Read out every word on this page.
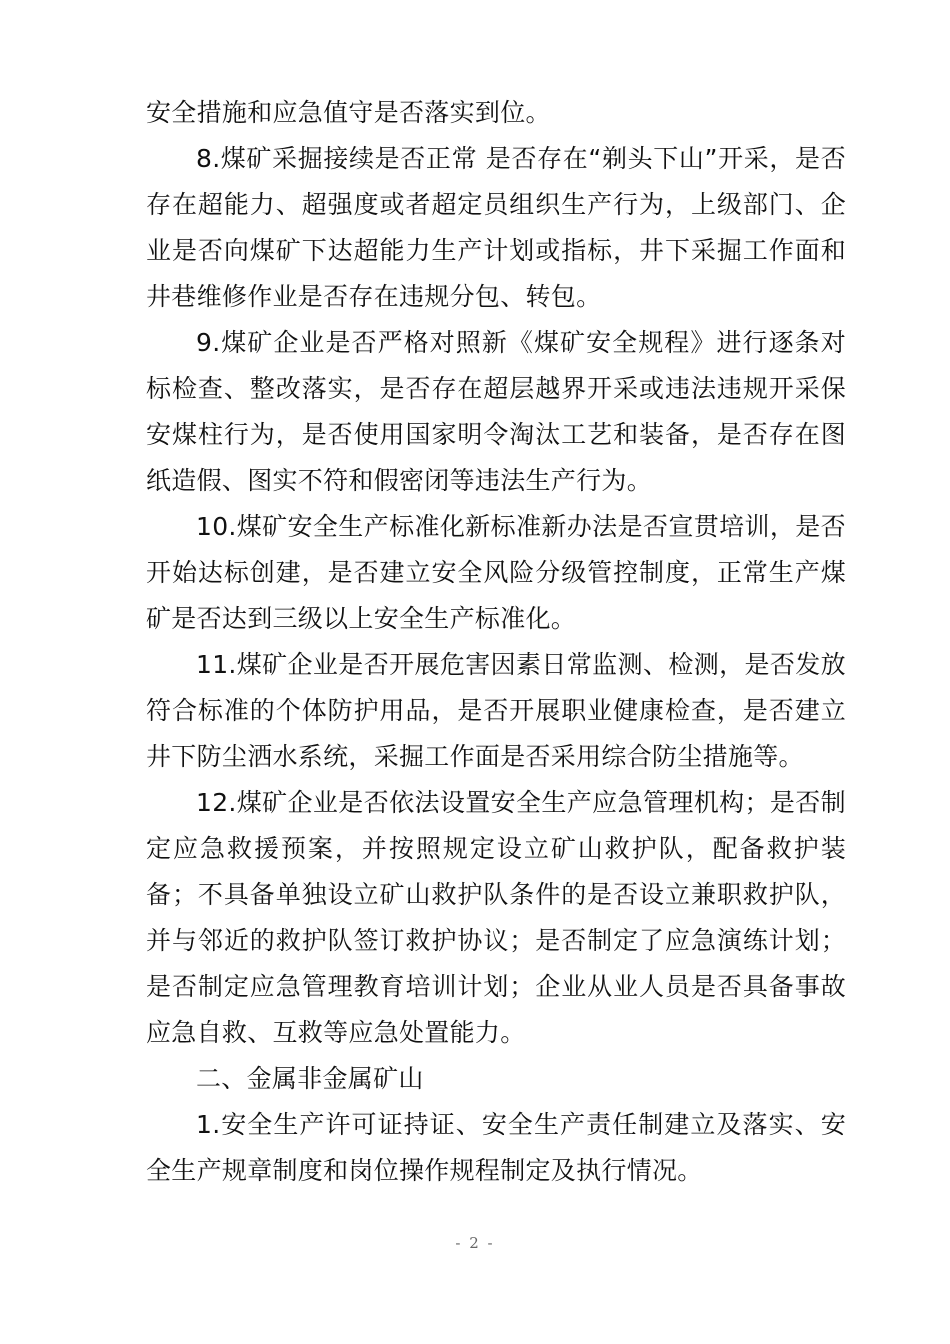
安全措施和应急值守是否落实到位。

8.煤矿采掘接续是否正常 是否存在“剃头下山”开采，是否存在超能力、超强度或者超定员组织生产行为，上级部门、企业是否向煤矿下达超能力生产计划或指标，井下采掘工作面和井巷维修作业是否存在违规分包、转包。

9.煤矿企业是否严格对照新《煤矿安全规程》进行逐条对标检查、整改落实，是否存在超层越界开采或违法违规开采保安煤柱行为，是否使用国家明令淘汰工艺和装备，是否存在图纸造假、图实不符和假密闭等违法生产行为。

10.煤矿安全生产标准化新标准新办法是否宣贯培训，是否开始达标创建，是否建立安全风险分级管控制度，正常生产煤矿是否达到三级以上安全生产标准化。

11.煤矿企业是否开展危害因素日常监测、检测，是否发放符合标准的个体防护用品，是否开展职业健康检查，是否建立井下防尘洒水系统，采掘工作面是否采用综合防尘措施等。

12.煤矿企业是否依法设置安全生产应急管理机构；是否制定应急救援预案，并按照规定设立矿山救护队，配备救护装备；不具备单独设立矿山救护队条件的是否设立兼职救护队，并与邻近的救护队签订救护协议；是否制定了应急演练计划；是否制定应急管理教育培训计划；企业从业人员是否具备事故应急自救、互救等应急处置能力。

二、金属非金属矿山

1.安全生产许可证持证、安全生产责任制建立及落实、安全生产规章制度和岗位操作规程制定及执行情况。

- 2 -
